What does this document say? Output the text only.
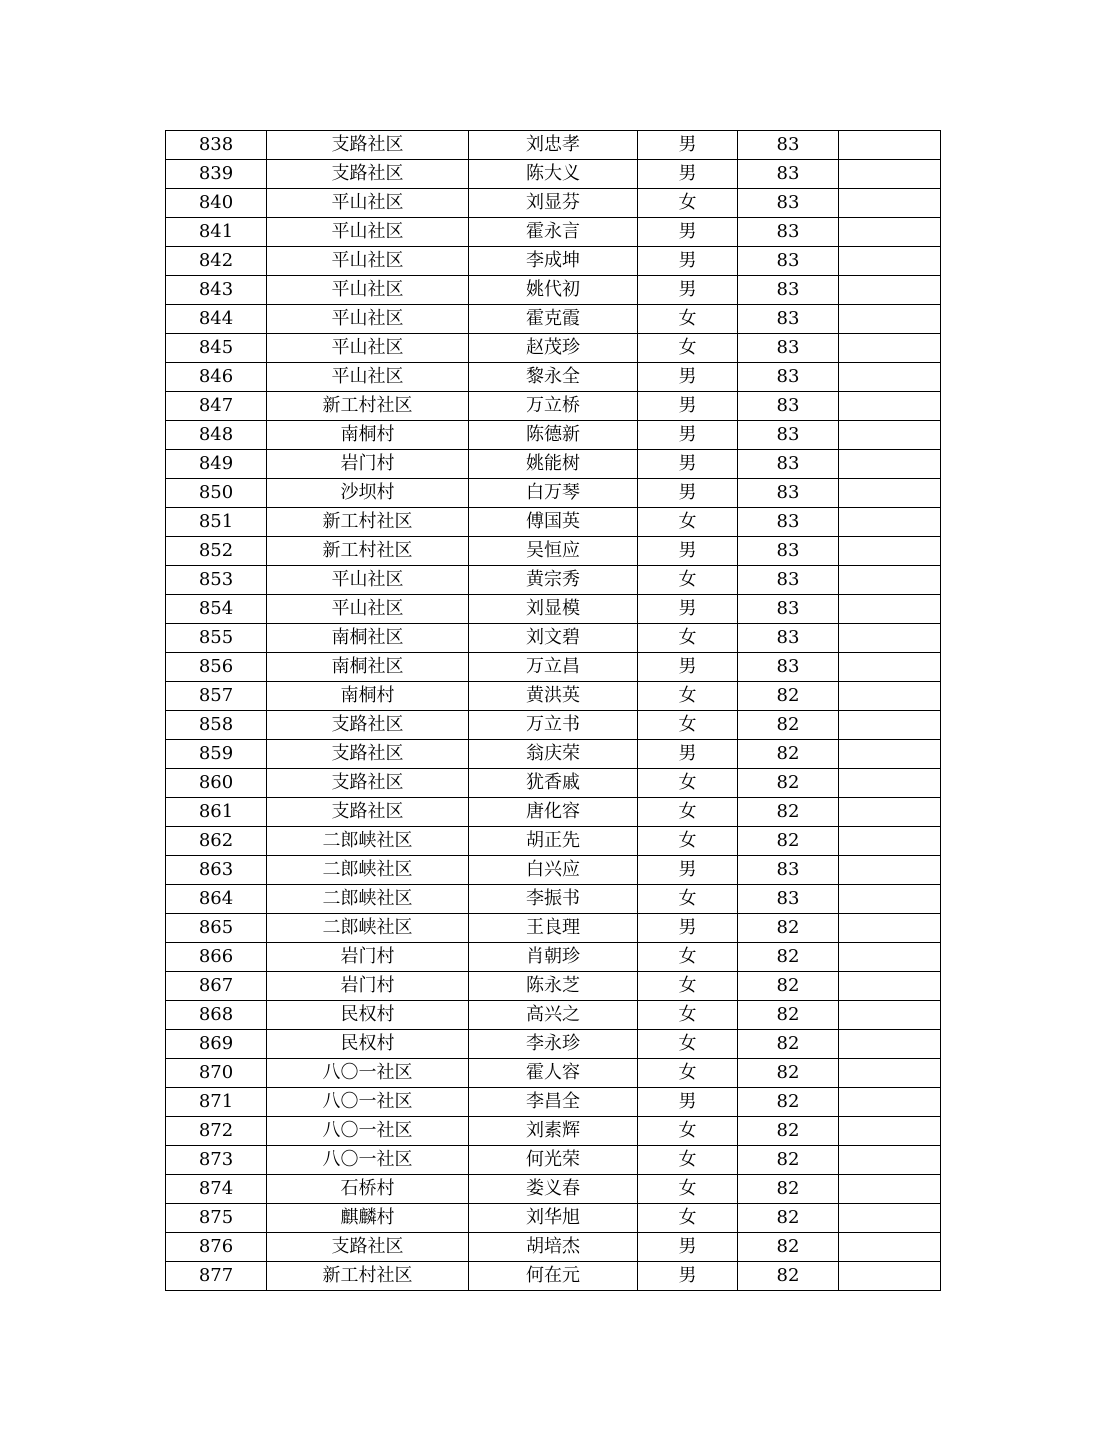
838	支路社区	刘忠孝	男	83	
839	支路社区	陈大义	男	83	
840	平山社区	刘显芬	女	83	
841	平山社区	霍永言	男	83	
842	平山社区	李成坤	男	83	
843	平山社区	姚代初	男	83	
844	平山社区	霍克霞	女	83	
845	平山社区	赵茂珍	女	83	
846	平山社区	黎永全	男	83	
847	新工村社区	万立桥	男	83	
848	南桐村	陈德新	男	83	
849	岩门村	姚能树	男	83	
850	沙坝村	白万琴	男	83	
851	新工村社区	傅国英	女	83	
852	新工村社区	吴恒应	男	83	
853	平山社区	黄宗秀	女	83	
854	平山社区	刘显模	男	83	
855	南桐社区	刘文碧	女	83	
856	南桐社区	万立昌	男	83	
857	南桐村	黄洪英	女	82	
858	支路社区	万立书	女	82	
859	支路社区	翁庆荣	男	82	
860	支路社区	犹香戚	女	82	
861	支路社区	唐化容	女	82	
862	二郎峡社区	胡正先	女	82	
863	二郎峡社区	白兴应	男	83	
864	二郎峡社区	李振书	女	83	
865	二郎峡社区	王良理	男	82	
866	岩门村	肖朝珍	女	82	
867	岩门村	陈永芝	女	82	
868	民权村	高兴之	女	82	
869	民权村	李永珍	女	82	
870	八〇一社区	霍人容	女	82	
871	八〇一社区	李昌全	男	82	
872	八〇一社区	刘素辉	女	82	
873	八〇一社区	何光荣	女	82	
874	石桥村	娄义春	女	82	
875	麒麟村	刘华旭	女	82	
876	支路社区	胡培杰	男	82	
877	新工村社区	何在元	男	82	
